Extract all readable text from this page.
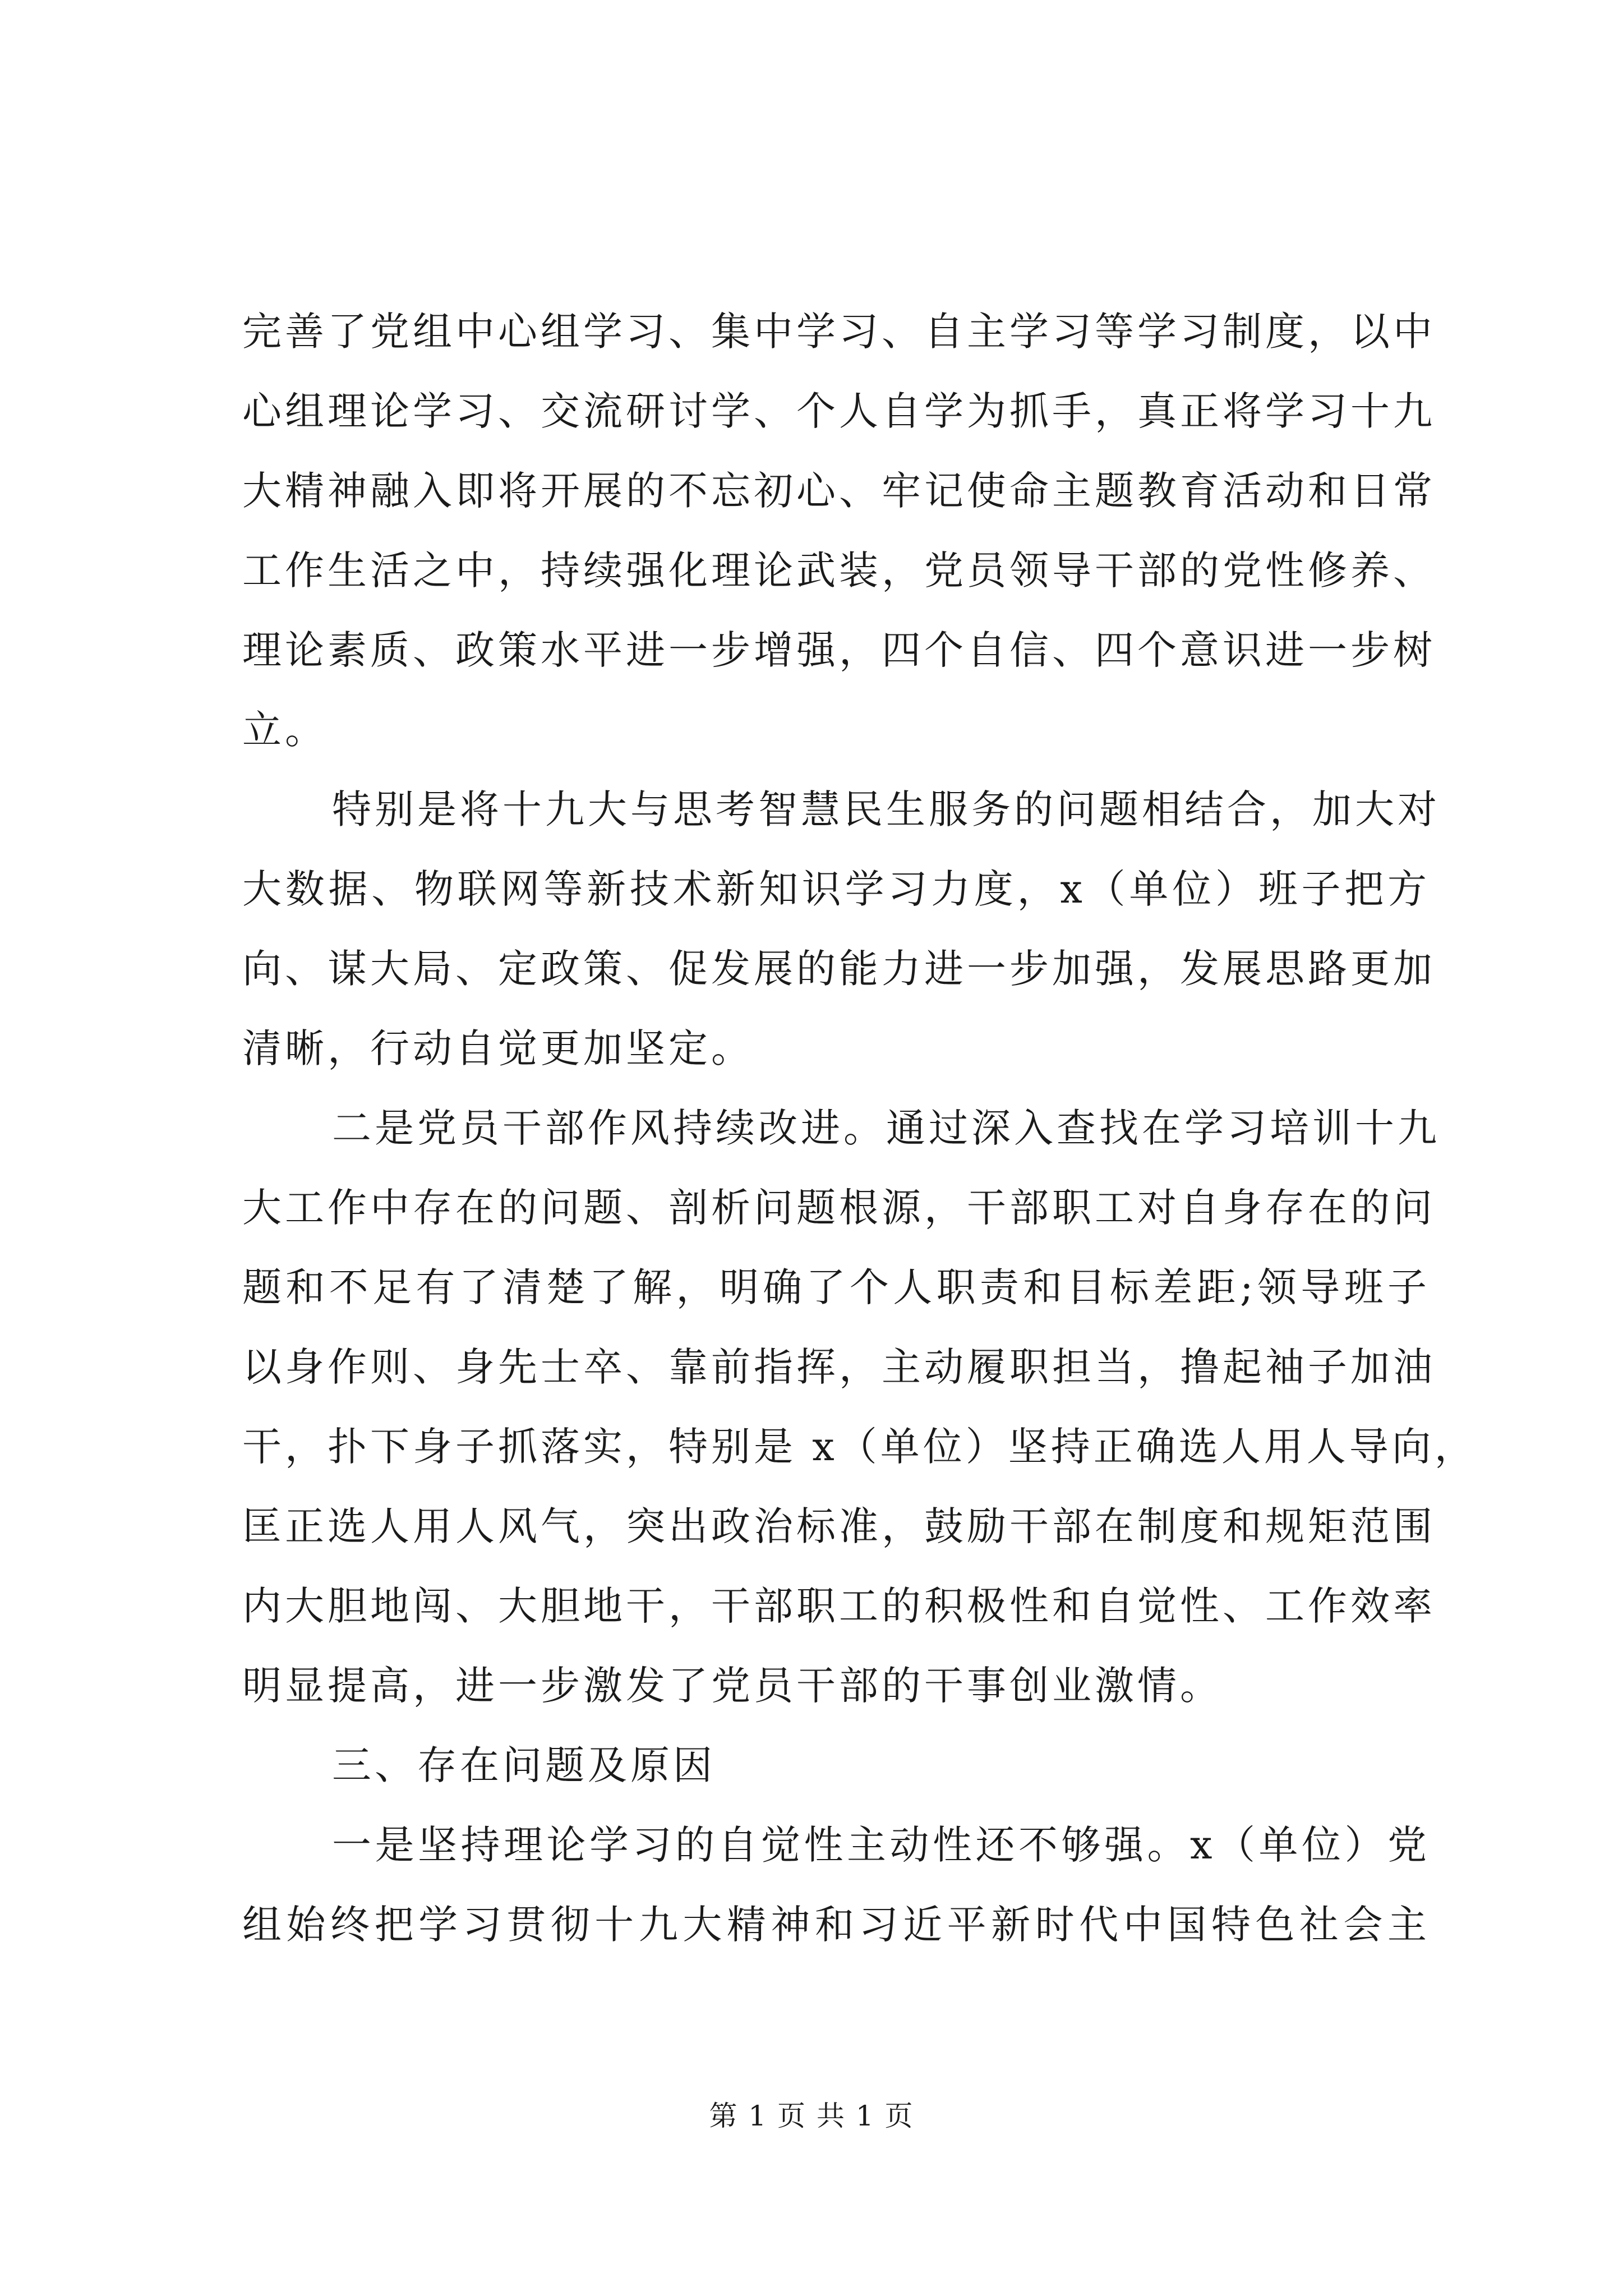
完善了党组中心组学习、集中学习、自主学习等学习制度，以中
心组理论学习、交流研讨学、个人自学为抓手，真正将学习十九
大精神融入即将开展的不忘初心、牢记使命主题教育活动和日常
工作生活之中，持续强化理论武装，党员领导干部的党性修养、
理论素质、政策水平进一步增强，四个自信、四个意识进一步树
立。
特别是将十九大与思考智慧民生服务的问题相结合，加大对
大数据、物联网等新技术新知识学习力度，x（单位）班子把方
向、谋大局、定政策、促发展的能力进一步加强，发展思路更加
清晰，行动自觉更加坚定。
二是党员干部作风持续改进。通过深入查找在学习培训十九
大工作中存在的问题、剖析问题根源，干部职工对自身存在的问
题和不足有了清楚了解，明确了个人职责和目标差距;领导班子
以身作则、身先士卒、靠前指挥，主动履职担当，撸起袖子加油
干，扑下身子抓落实，特别是 x（单位）坚持正确选人用人导向，
匡正选人用人风气，突出政治标准，鼓励干部在制度和规矩范围
内大胆地闯、大胆地干，干部职工的积极性和自觉性、工作效率
明显提高，进一步激发了党员干部的干事创业激情。
三、存在问题及原因
一是坚持理论学习的自觉性主动性还不够强。x（单位）党
组始终把学习贯彻十九大精神和习近平新时代中国特色社会主
第 1 页 共 1 页
